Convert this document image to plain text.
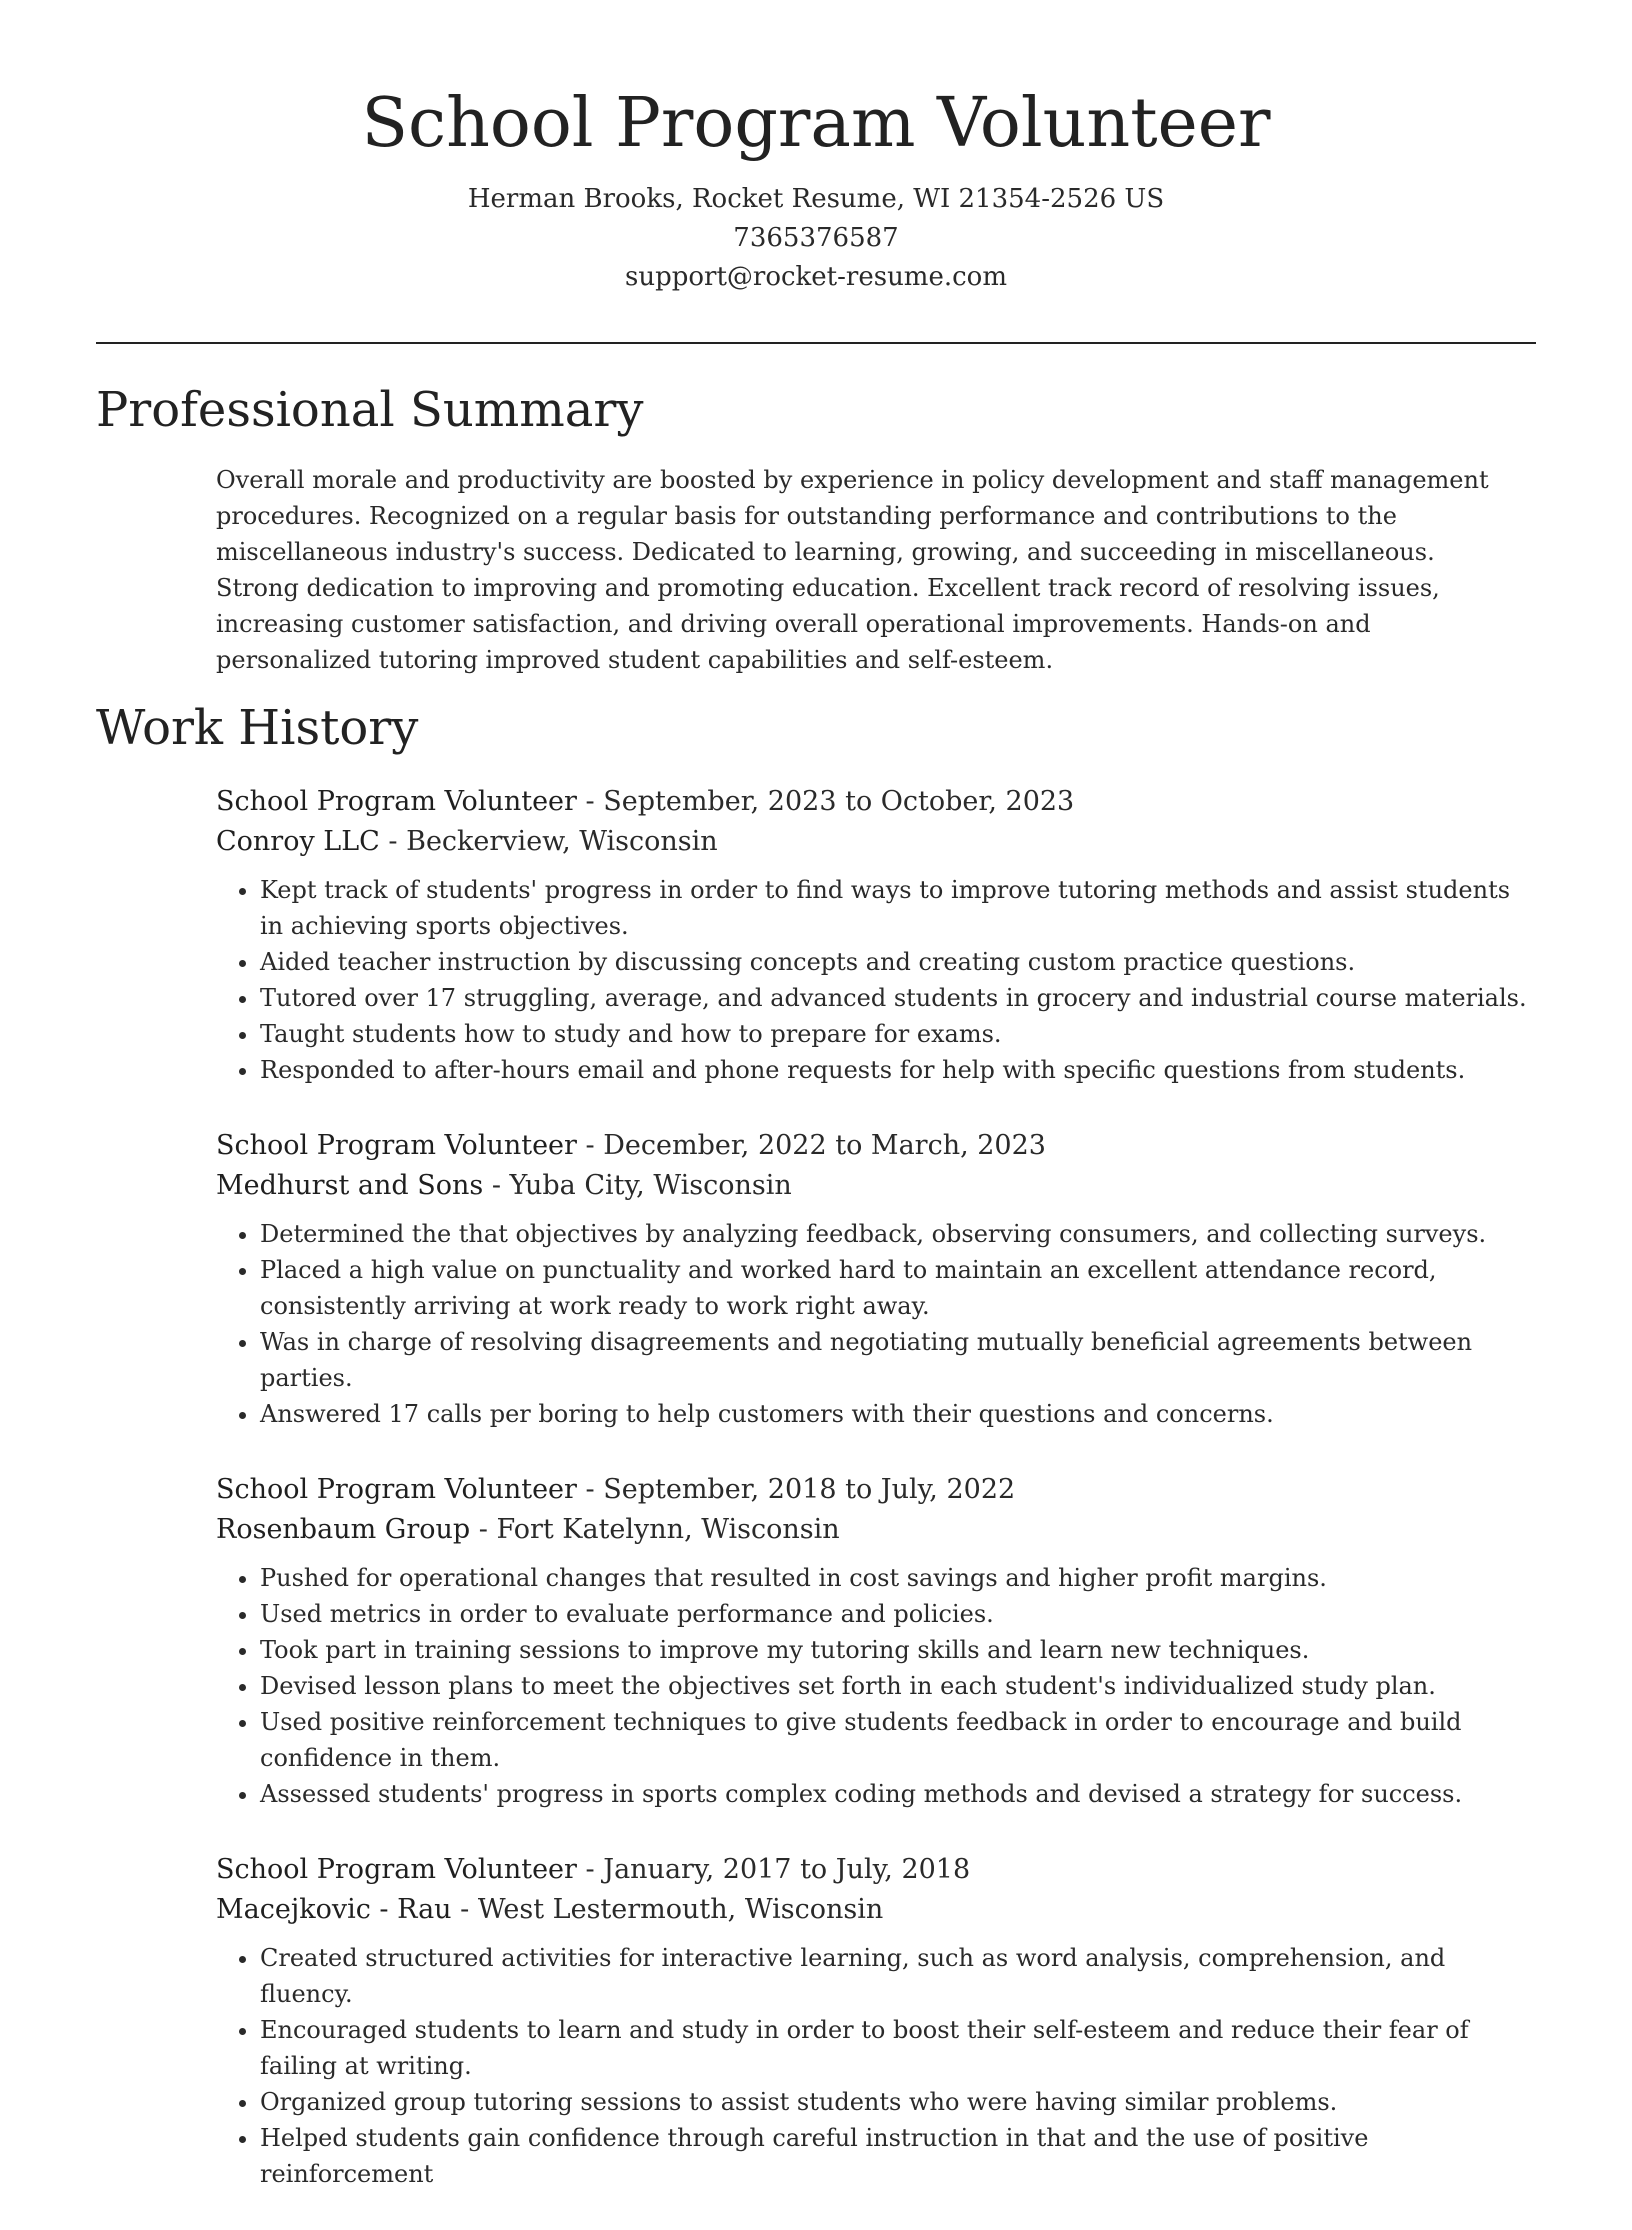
School Program Volunteer
Herman Brooks, Rocket Resume, WI 21354-2526 US
7365376587
support@rocket-resume.com
Professional Summary

Overall morale and productivity are boosted by experience in policy development and staff management procedures. Recognized on a regular basis for outstanding performance and contributions to the miscellaneous industry's success. Dedicated to learning, growing, and succeeding in miscellaneous. Strong dedication to improving and promoting education. Excellent track record of resolving issues, increasing customer satisfaction, and driving overall operational improvements. Hands-on and personalized tutoring improved student capabilities and self-esteem.

Work History
School Program Volunteer - September, 2023 to October, 2023
Conroy LLC - Beckerview, Wisconsin
• Kept track of students' progress in order to find ways to improve tutoring methods and assist students in achieving sports objectives.
• Aided teacher instruction by discussing concepts and creating custom practice questions.
• Tutored over 17 struggling, average, and advanced students in grocery and industrial course materials.
• Taught students how to study and how to prepare for exams.
• Responded to after-hours email and phone requests for help with specific questions from students.
School Program Volunteer - December, 2022 to March, 2023
Medhurst and Sons - Yuba City, Wisconsin
• Determined the that objectives by analyzing feedback, observing consumers, and collecting surveys.
• Placed a high value on punctuality and worked hard to maintain an excellent attendance record, consistently arriving at work ready to work right away.
• Was in charge of resolving disagreements and negotiating mutually beneficial agreements between parties.
• Answered 17 calls per boring to help customers with their questions and concerns.
School Program Volunteer - September, 2018 to July, 2022
Rosenbaum Group - Fort Katelynn, Wisconsin
• Pushed for operational changes that resulted in cost savings and higher profit margins.
• Used metrics in order to evaluate performance and policies.
• Took part in training sessions to improve my tutoring skills and learn new techniques.
• Devised lesson plans to meet the objectives set forth in each student's individualized study plan.
• Used positive reinforcement techniques to give students feedback in order to encourage and build confidence in them.
• Assessed students' progress in sports complex coding methods and devised a strategy for success.
School Program Volunteer - January, 2017 to July, 2018
Macejkovic - Rau - West Lestermouth, Wisconsin
• Created structured activities for interactive learning, such as word analysis, comprehension, and fluency.
• Encouraged students to learn and study in order to boost their self-esteem and reduce their fear of failing at writing.
• Organized group tutoring sessions to assist students who were having similar problems.
• Helped students gain confidence through careful instruction in that and the use of positive reinforcement
